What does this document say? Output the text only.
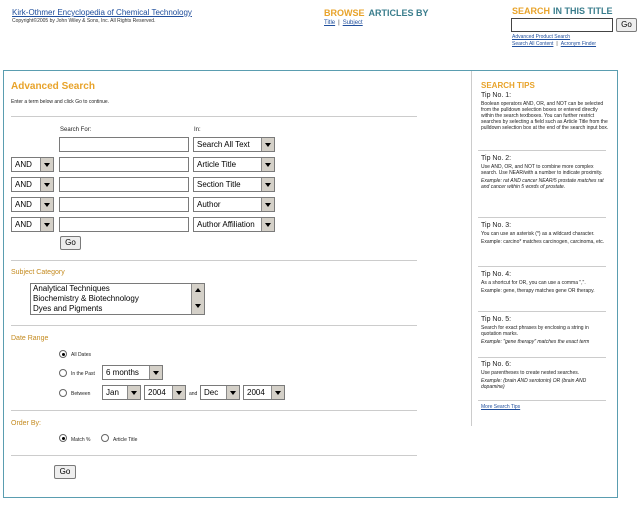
Kirk-Othmer Encyclopedia of Chemical Technology
Copyright©2005 by John Wiley & Sons, Inc. All Rights Reserved.
BROWSE ARTICLES BY
Title | Subject
SEARCH IN THIS TITLE
Go
Advanced Product Search
Search All Content | Acronym Finder
Advanced Search
Enter a term below and click Go to continue.
Search For:	In:
Search All Text
AND	Article Title
AND	Section Title
AND	Author
AND	Author Affiliation
Go
Subject Category
Analytical Techniques
Biochemistry & Biotechnology
Dyes and Pigments
Date Range
All Dates
In the Past	6 months
Between	Jan	2004	and Dec	2004
Order By:
Match %	Article Title
Go
SEARCH TIPS
Tip No. 1:
Boolean operators AND, OR, and NOT can be selected from the pulldown selection boxes or entered directly within the search textboxes. You can further restrict searches by selecting a field such as Article Title from the pulldown selection box at the end of the search input box.
Tip No. 2:
Use AND, OR, and NOT to combine more complex search. Use NEAR/with a number to indicate proximity.
Example: rat AND cancer NEAR/5 prostate matches rat and cancer within 5 words of prostate.
Tip No. 3:
You can use an asterisk (*) as a wildcard character.
Example: carcino* matches carcinogen, carcinoma, etc.
Tip No. 4:
As a shortcut for OR, you can use a comma ",".
Example: gene, therapy matches gene OR therapy.
Tip No. 5:
Search for exact phrases by enclosing a string in quotation marks.
Example: "gene therapy" matches the exact term
Tip No. 6:
Use parentheses to create nested searches.
Example: (brain AND serotonin) OR (brain AND dopamine)
More Search Tips
